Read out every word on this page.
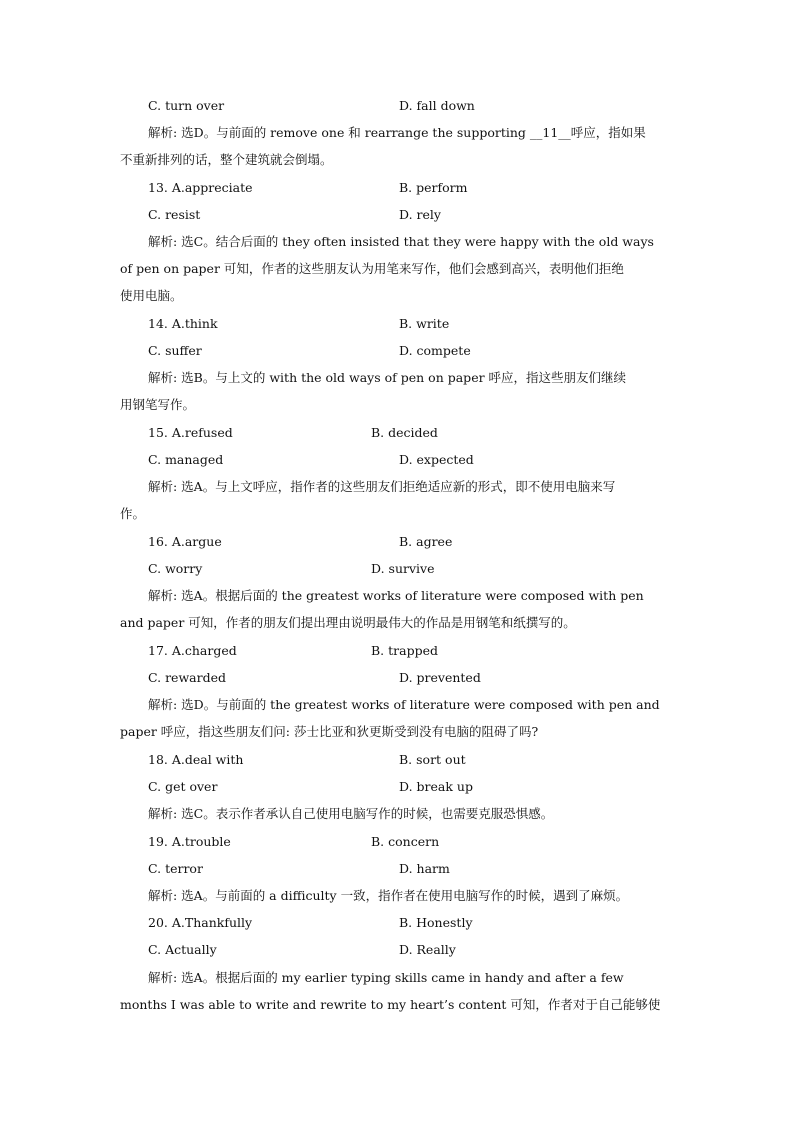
C. turn over	D. fall down
解析: 选D。与前面的 remove one 和 rearrange the supporting __11__呼应，指如果
不重新排列的话，整个建筑就会倒塌。
13. A.appreciate	B. perform
C. resist	D. rely
解析: 选C。结合后面的 they often insisted that they were happy with the old ways
of pen on paper 可知，作者的这些朋友认为用笔来写作，他们会感到高兴，表明他们拒绝
使用电脑。
14. A.think	B. write
C. suffer	D. compete
解析: 选B。与上文的 with the old ways of pen on paper 呼应，指这些朋友们继续
用钢笔写作。
15. A.refused	B. decided
C. managed	D. expected
解析: 选A。与上文呼应，指作者的这些朋友们拒绝适应新的形式，即不使用电脑来写
作。
16. A.argue	B. agree
C. worry	D. survive
解析: 选A。根据后面的 the greatest works of literature were composed with pen
and paper 可知，作者的朋友们提出理由说明最伟大的作品是用钢笔和纸撰写的。
17. A.charged	B. trapped
C. rewarded	D. prevented
解析: 选D。与前面的 the greatest works of literature were composed with pen and
paper 呼应，指这些朋友们问: 莎士比亚和狄更斯受到没有电脑的阻碍了吗?
18. A.deal with	B. sort out
C. get over	D. break up
解析: 选C。表示作者承认自己使用电脑写作的时候，也需要克服恐惧感。
19. A.trouble	B. concern
C. terror	D. harm
解析: 选A。与前面的 a difficulty 一致，指作者在使用电脑写作的时候，遇到了麻烦。
20. A.Thankfully	B. Honestly
C. Actually	D. Really
解析: 选A。根据后面的 my earlier typing skills came in handy and after a few
months I was able to write and rewrite to my heart’s content 可知，作者对于自己能够使
